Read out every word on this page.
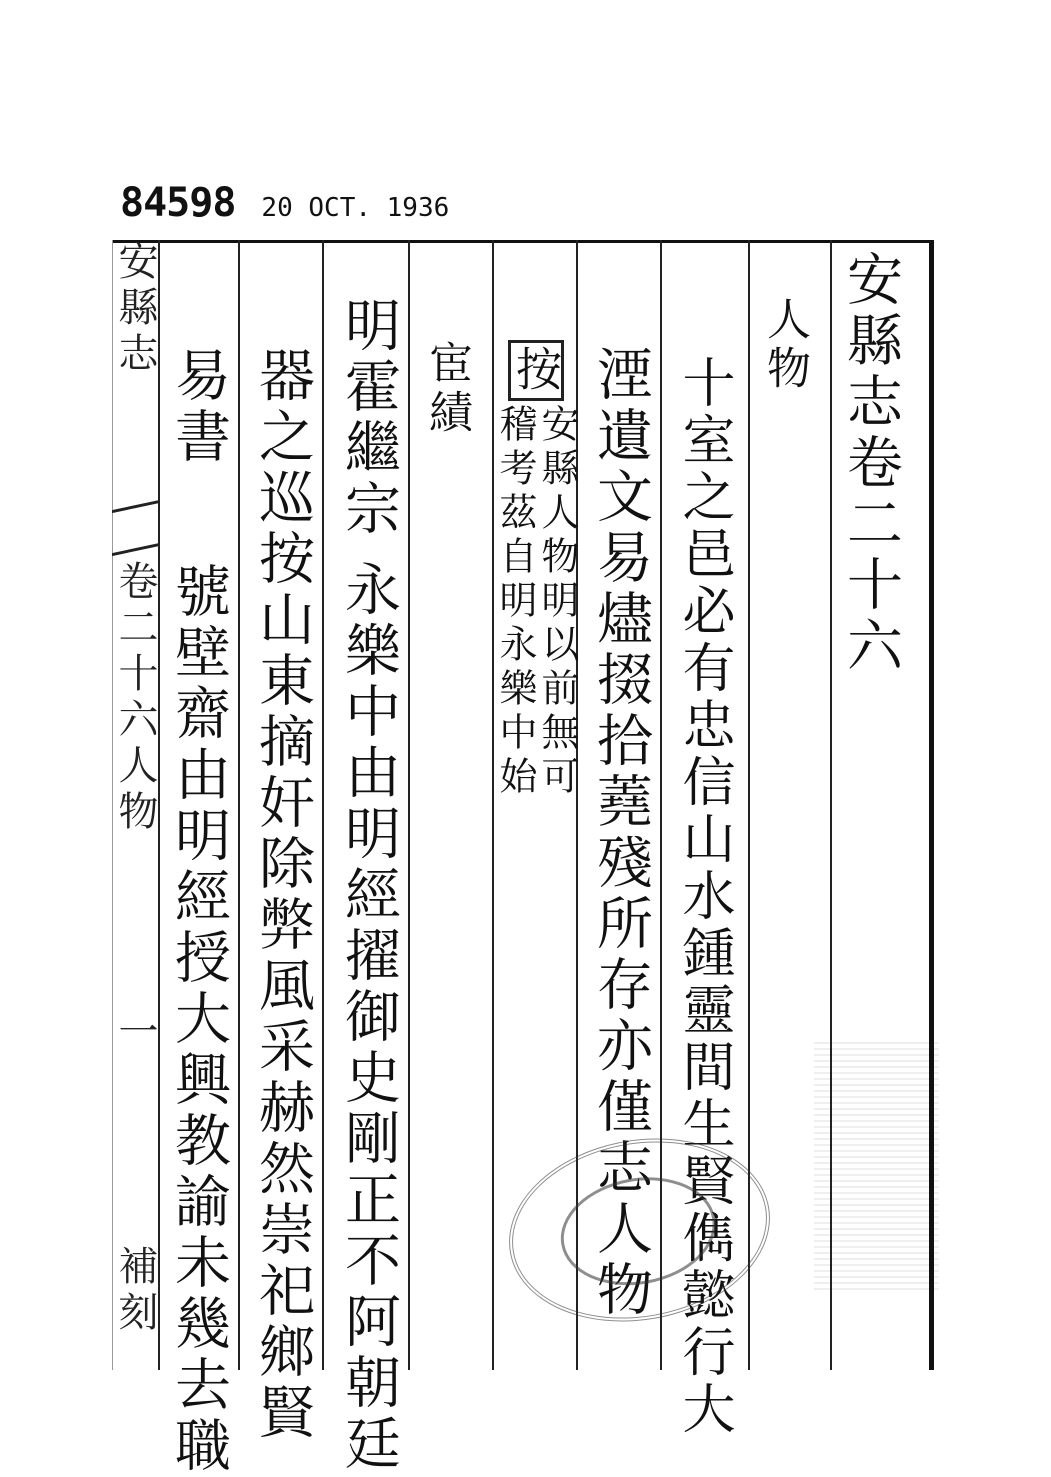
84598 20 OCT. 1936
安縣志卷二十六
人物
十室之邑必有忠信山水鍾靈間生賢儁懿行大
湮遺文易燼掇拾蕘殘所存亦僅志人物
按
安縣人物明以前無可
稽考茲自明永樂中始
宦績
明霍繼宗
永樂中由明經擢御史剛正不阿朝廷
器之巡按山東摘奸除弊風采赫然崇祀鄉賢
易書
號壁齋由明經授大興教諭未幾去職
安縣志
卷二十六人物
一
補刻
